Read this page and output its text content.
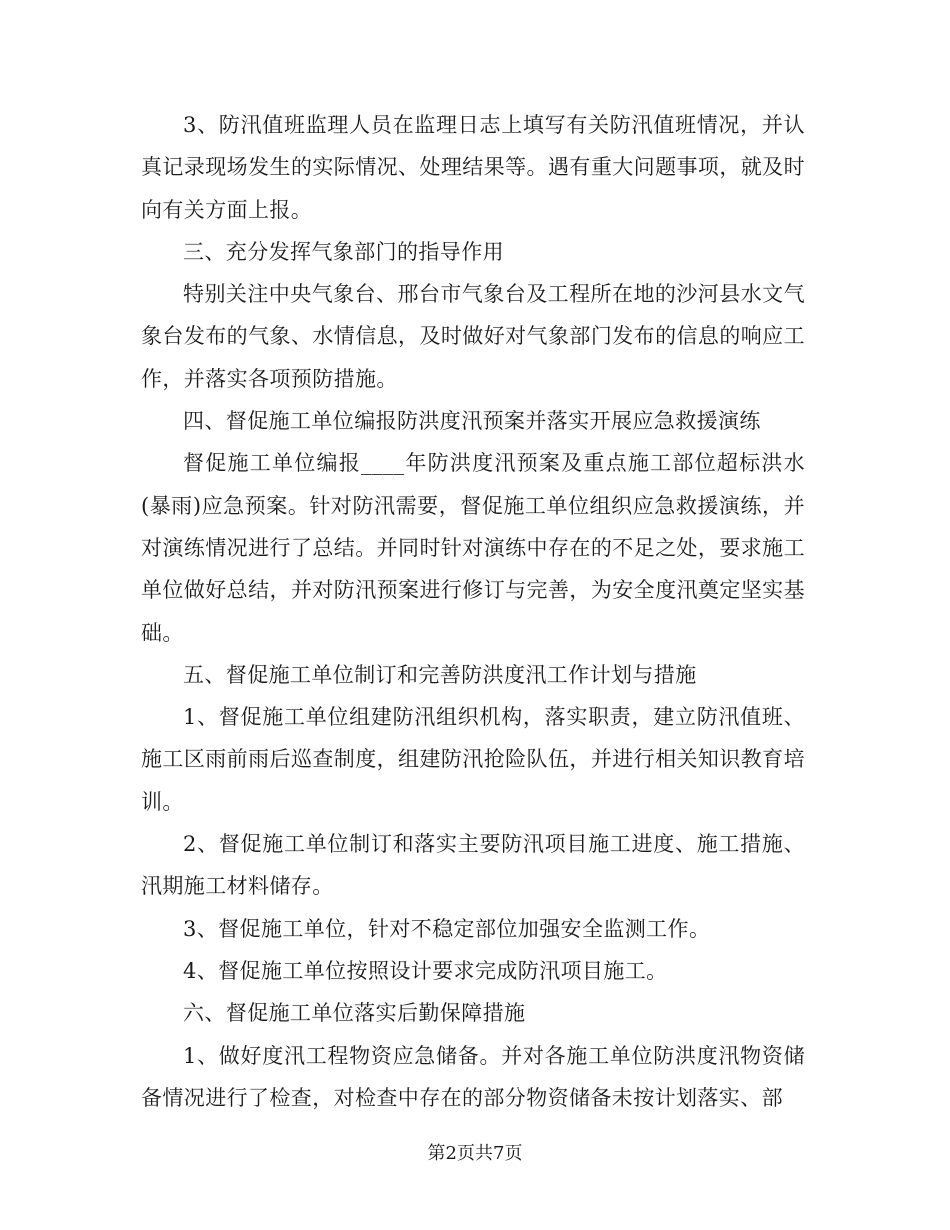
3、防汛值班监理人员在监理日志上填写有关防汛值班情况，并认真记录现场发生的实际情况、处理结果等。遇有重大问题事项，就及时向有关方面上报。

三、充分发挥气象部门的指导作用

特别关注中央气象台、邢台市气象台及工程所在地的沙河县水文气象台发布的气象、水情信息，及时做好对气象部门发布的信息的响应工作，并落实各项预防措施。

四、督促施工单位编报防洪度汛预案并落实开展应急救援演练

督促施工单位编报____年防洪度汛预案及重点施工部位超标洪水(暴雨)应急预案。针对防汛需要，督促施工单位组织应急救援演练，并对演练情况进行了总结。并同时针对演练中存在的不足之处，要求施工单位做好总结，并对防汛预案进行修订与完善，为安全度汛奠定坚实基础。

五、督促施工单位制订和完善防洪度汛工作计划与措施

1、督促施工单位组建防汛组织机构，落实职责，建立防汛值班、施工区雨前雨后巡查制度，组建防汛抢险队伍，并进行相关知识教育培训。

2、督促施工单位制订和落实主要防汛项目施工进度、施工措施、汛期施工材料储存。

3、督促施工单位，针对不稳定部位加强安全监测工作。

4、督促施工单位按照设计要求完成防汛项目施工。

六、督促施工单位落实后勤保障措施

1、做好度汛工程物资应急储备。并对各施工单位防洪度汛物资储备情况进行了检查，对检查中存在的部分物资储备未按计划落实、部

第2页共7页
